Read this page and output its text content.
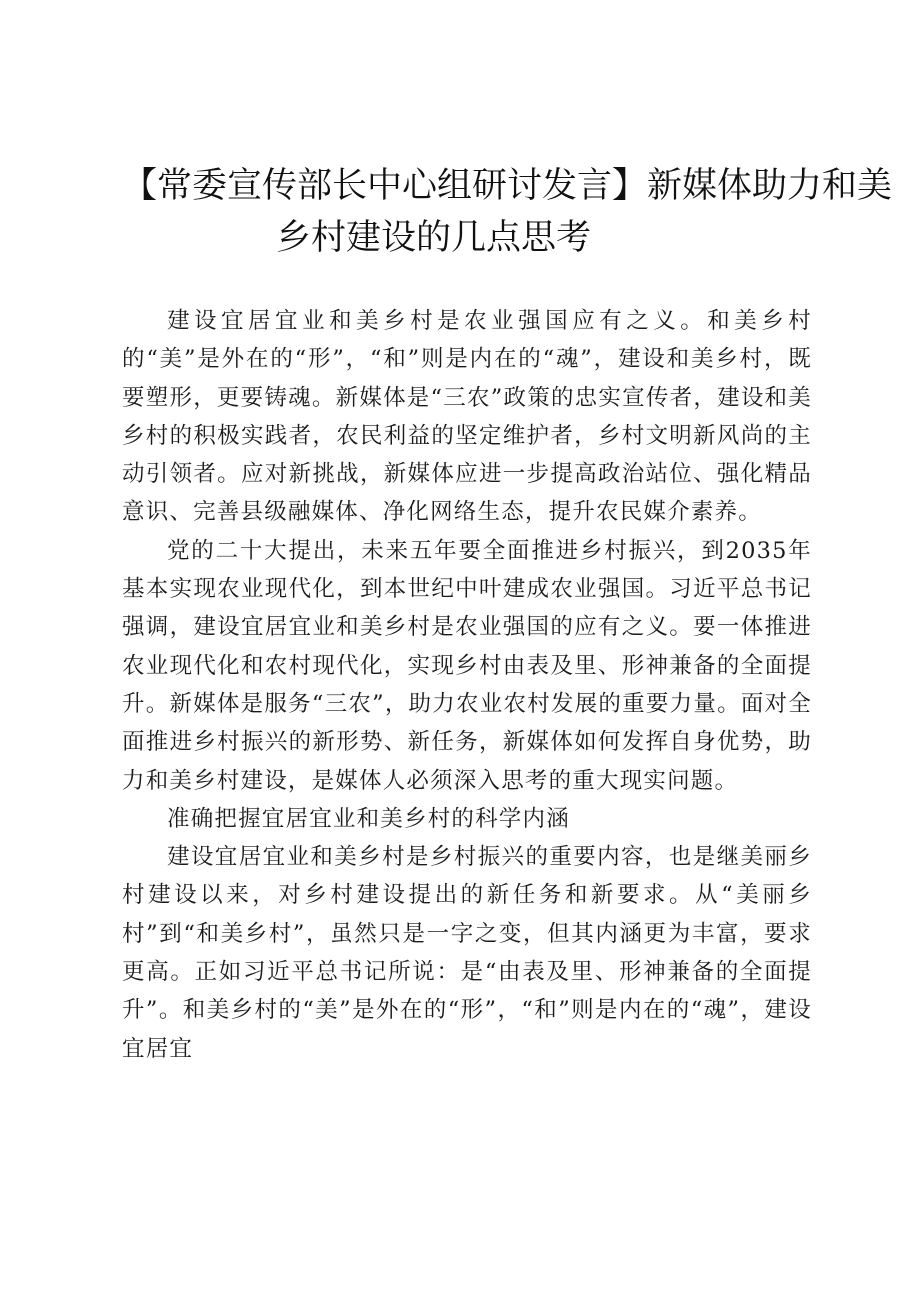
【常委宣传部长中心组研讨发言】新媒体助力和美
乡村建设的几点思考

建设宜居宜业和美乡村是农业强国应有之义。和美乡村的“美”是外在的“形”，“和”则是内在的“魂”，建设和美乡村，既要塑形，更要铸魂。新媒体是“三农”政策的忠实宣传者，建设和美乡村的积极实践者，农民利益的坚定维护者，乡村文明新风尚的主动引领者。应对新挑战，新媒体应进一步提高政治站位、强化精品意识、完善县级融媒体、净化网络生态，提升农民媒介素养。

党的二十大提出，未来五年要全面推进乡村振兴，到2035年基本实现农业现代化，到本世纪中叶建成农业强国。习近平总书记强调，建设宜居宜业和美乡村是农业强国的应有之义。要一体推进农业现代化和农村现代化，实现乡村由表及里、形神兼备的全面提升。新媒体是服务“三农”，助力农业农村发展的重要力量。面对全面推进乡村振兴的新形势、新任务，新媒体如何发挥自身优势，助力和美乡村建设，是媒体人必须深入思考的重大现实问题。

准确把握宜居宜业和美乡村的科学内涵

建设宜居宜业和美乡村是乡村振兴的重要内容，也是继美丽乡村建设以来，对乡村建设提出的新任务和新要求。从“美丽乡村”到“和美乡村”，虽然只是一字之变，但其内涵更为丰富，要求更高。正如习近平总书记所说：是“由表及里、形神兼备的全面提升”。和美乡村的“美”是外在的“形”，“和”则是内在的“魂”，建设宜居宜
